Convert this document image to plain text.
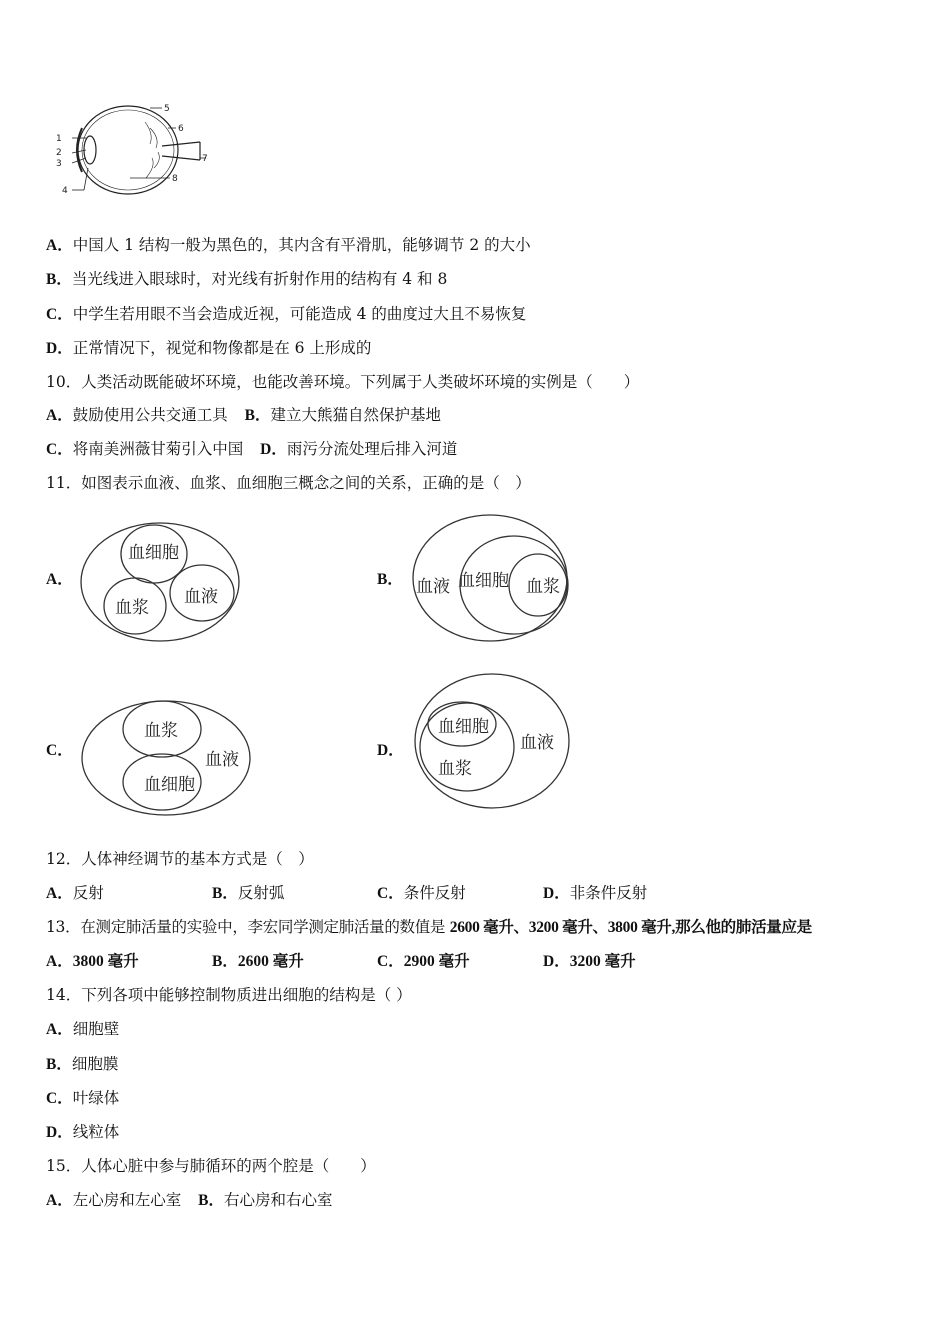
1
2
3
4
5
6
7
8
A．中国人 1 结构一般为黑色的，其内含有平滑肌，能够调节 2 的大小
B．当光线进入眼球时，对光线有折射作用的结构有 4 和 8
C．中学生若用眼不当会造成近视，可能造成 4 的曲度过大且不易恢复
D．正常情况下，视觉和物像都是在 6 上形成的
10．人类活动既能破坏环境，也能改善环境。下列属于人类破坏环境的实例是（　　）
A．鼓励使用公共交通工具 B．建立大熊猫自然保护基地
C．将南美洲薇甘菊引入中国 D．雨污分流处理后排入河道
11．如图表示血液、血浆、血细胞三概念之间的关系，正确的是（　）
A．
血细胞
血浆
血液
B． 血液 血细胞 血浆
C．
血浆
血液
血细胞
D．
血细胞
血液
血浆
12．人体神经调节的基本方式是（　）
A．反射	B．反射弧	C．条件反射	D．非条件反射
13．在测定肺活量的实验中，李宏同学测定肺活量的数值是 2600 毫升、3200 毫升、3800 毫升,那么他的肺活量应是
A．3800 毫升	B．2600 毫升	C．2900 毫升	D．3200 毫升
14．下列各项中能够控制物质进出细胞的结构是（ ）
A．细胞壁
B．细胞膜
C．叶绿体
D．线粒体
15．人体心脏中参与肺循环的两个腔是（　　）
A．左心房和左心室 B．右心房和右心室
